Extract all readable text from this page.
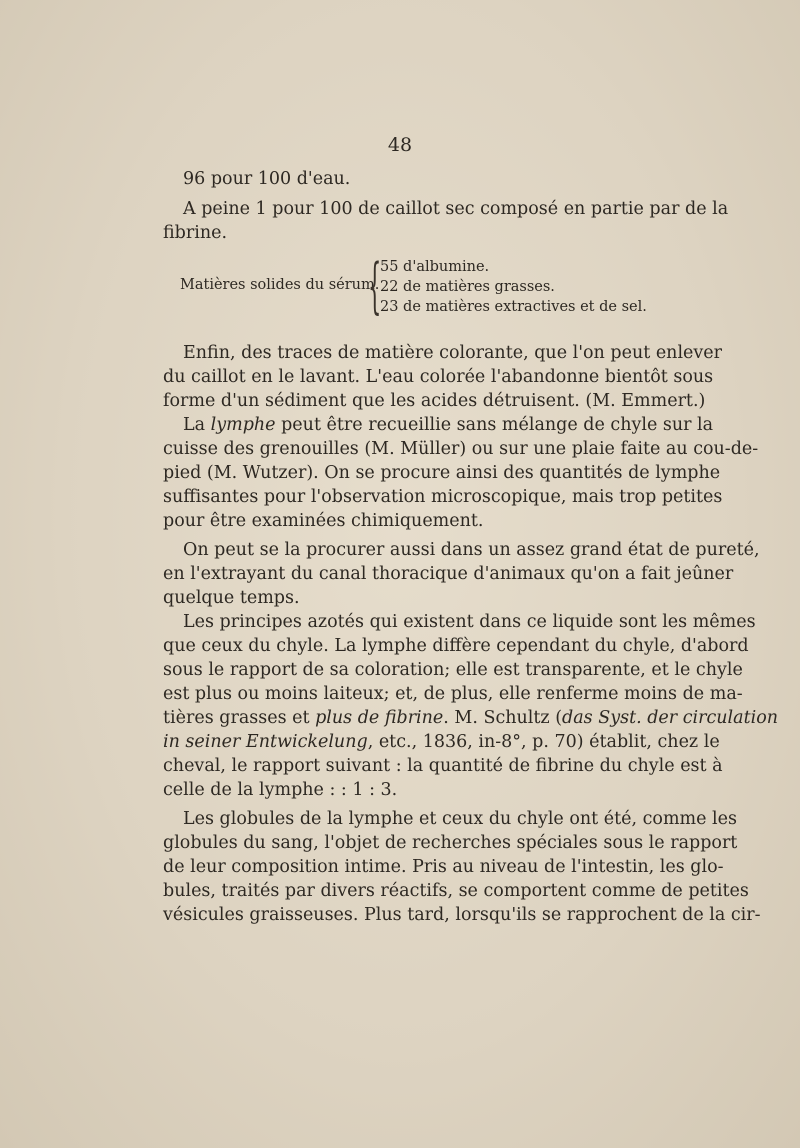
48
96 pour 100 d'eau.
A peine 1 pour 100 de caillot sec composé en partie par de la
fibrine.
Matières solides du sérum.
{
55 d'albumine.
22 de matières grasses.
23 de matières extractives et de sel.
Enfin, des traces de matière colorante, que l'on peut enlever
du caillot en le lavant. L'eau colorée l'abandonne bientôt sous
forme d'un sédiment que les acides détruisent. (M. Emmert.)
La lymphe peut être recueillie sans mélange de chyle sur la
cuisse des grenouilles (M. Müller) ou sur une plaie faite au cou-de-
pied (M. Wutzer). On se procure ainsi des quantités de lymphe
suffisantes pour l'observation microscopique, mais trop petites
pour être examinées chimiquement.
On peut se la procurer aussi dans un assez grand état de pureté,
en l'extrayant du canal thoracique d'animaux qu'on a fait jeûner
quelque temps.
Les principes azotés qui existent dans ce liquide sont les mêmes
que ceux du chyle. La lymphe diffère cependant du chyle, d'abord
sous le rapport de sa coloration; elle est transparente, et le chyle
est plus ou moins laiteux; et, de plus, elle renferme moins de ma-
tières grasses et plus de fibrine. M. Schultz (das Syst. der circulation
in seiner Entwickelung, etc., 1836, in-8°, p. 70) établit, chez le
cheval, le rapport suivant : la quantité de fibrine du chyle est à
celle de la lymphe : : 1 : 3.
Les globules de la lymphe et ceux du chyle ont été, comme les
globules du sang, l'objet de recherches spéciales sous le rapport
de leur composition intime. Pris au niveau de l'intestin, les glo-
bules, traités par divers réactifs, se comportent comme de petites
vésicules graisseuses. Plus tard, lorsqu'ils se rapprochent de la cir-
